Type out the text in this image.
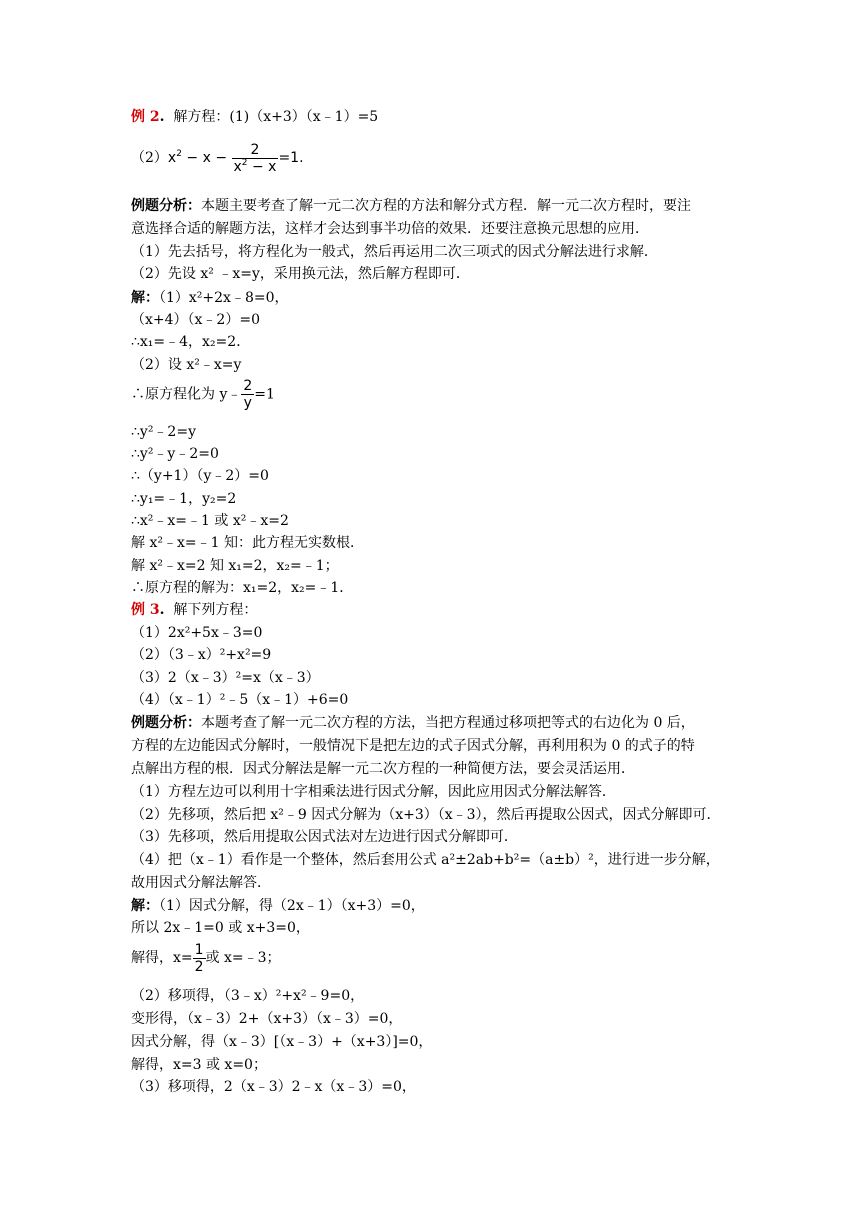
例 2. 解方程：(1)（x+3）（x﹣1）=5
$(2)x^2 - x - \frac{2}{x^2 - x} =1$.
例题分析：本题主要考查了解一元二次方程的方法和解分式方程．解一元二次方程时，要注
意选择合适的解题方法，这样才会达到事半功倍的效果．还要注意换元思想的应用．
（1）先去括号，将方程化为一般式，然后再运用二次三项式的因式分解法进行求解．
（2）先设 x² ﹣x=y，采用换元法，然后解方程即可．
解：（1）x²+2x﹣8=0，
（x+4）（x﹣2）=0
∴x₁=﹣4，x₂=2．
（2）设 x²﹣x=y
∴原方程化为 y﹣ $\frac{2}{y} =1$
∴y²﹣2=y
∴y²﹣y﹣2=0
∴（y+1）（y﹣2）=0
∴y₁=﹣1，y₂=2
∴x²﹣x=﹣1 或 x²﹣x=2
解 x²﹣x=﹣1 知：此方程无实数根．
解 x²﹣x=2 知 x₁=2，x₂=﹣1；
∴原方程的解为：x₁=2，x₂=﹣1．
例 3. 解下列方程：
（1）2x²+5x﹣3=0
（2）（3﹣x）²+x²=9
（3）2（x﹣3）²=x（x﹣3）
（4）（x﹣1）²﹣5（x﹣1）+6=0
例题分析：本题考查了解一元二次方程的方法，当把方程通过移项把等式的右边化为 0 后，
方程的左边能因式分解时，一般情况下是把左边的式子因式分解，再利用积为 0 的式子的特
点解出方程的根．因式分解法是解一元二次方程的一种简便方法，要会灵活运用．
（1）方程左边可以利用十字相乘法进行因式分解，因此应用因式分解法解答．
（2）先移项，然后把 x²﹣9 因式分解为（x+3）（x﹣3），然后再提取公因式，因式分解即可．
（3）先移项，然后用提取公因式法对左边进行因式分解即可．
（4）把（x﹣1）看作是一个整体，然后套用公式 a²±2ab+b²=（a±b）²，进行进一步分解，
故用因式分解法解答．
解：（1）因式分解，得（2x﹣1）（x+3）=0，
所以 2x﹣1=0 或 x+3=0，
解得，$x= \frac{1}{2}$ 或 x=﹣3；
（2）移项得，（3﹣x）²+x²﹣9=0，
变形得，（x﹣3）2+（x+3）（x﹣3）=0，
因式分解，得（x﹣3）[（x﹣3）+（x+3）]=0，
解得，x=3 或 x=0；
（3）移项得，2（x﹣3）2﹣x（x﹣3）=0，
